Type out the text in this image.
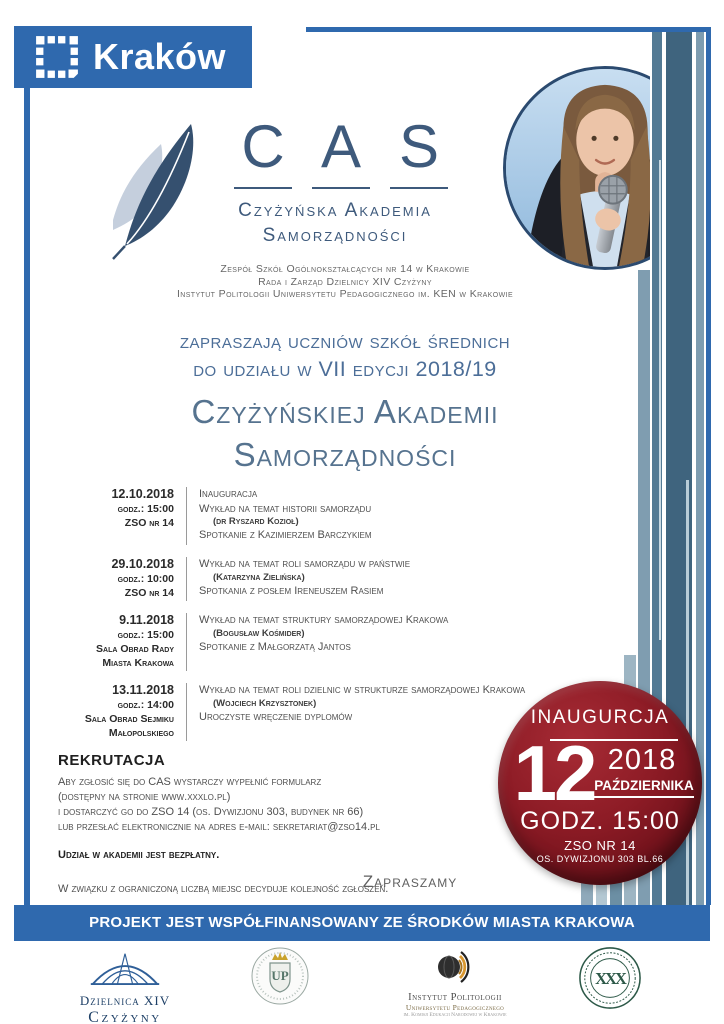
Kraków
C A S
Czyżyńska Akademia
Samorządności
Zespół Szkół Ogólnokształcących nr 14 w Krakowie
Rada i Zarząd Dzielnicy XIV Czyżyny
Instytut Politologii Uniwersytetu Pedagogicznego im. KEN w Krakowie
zapraszają uczniów szkół średnich
do udziału w VII edycji 2018/19
Czyżyńskiej Akademii
Samorządności
12.10.2018
godz.: 15:00
ZSO nr 14
Inauguracja
Wykład na temat historii samorządu
(dr Ryszard Kozioł)
Spotkanie z Kazimierzem Barczykiem
29.10.2018
godz.: 10:00
ZSO nr 14
Wykład na temat roli samorządu w państwie
(Katarzyna Zielińska)
Spotkania z posłem Ireneuszem Rasiem
9.11.2018
godz.: 15:00
Sala Obrad Rady
Miasta Krakowa
Wykład na temat struktury samorządowej Krakowa
(Bogusław Kośmider)
Spotkanie z Małgorzatą Jantos
13.11.2018
godz.: 14:00
Sala Obrad Sejmiku
Małopolskiego
Wykład na temat roli dzielnic w strukturze samorządowej Krakowa
(Wojciech Krzysztonek)
Uroczyste wręczenie dyplomów
REKRUTACJA
Aby zgłosić się do CAS wystarczy wypełnić formularz
(dostępny na stronie www.xxxlo.pl)
i dostarczyć go do ZSO 14 (os. Dywizjonu 303, budynek nr 66)
lub przesłać elektronicznie na adres e-mail: sekretariat@zso14.pl
Udział w akademii jest bezpłatny.
W związku z ograniczoną liczbą miejsc decyduje kolejność zgłoszeń.
Zapraszamy
INAUGURCJA
12 2018
PAŹDZIERNIKA
GODZ. 15:00
ZSO NR 14
OS. DYWIZJONU 303 BL.66
PROJEKT JEST WSPÓŁFINANSOWANY ZE ŚRODKÓW MIASTA KRAKOWA
Dzielnica XIV
Czyżyny
UP
Instytut Politologii
Uniwersytetu Pedagogicznego
im. Komisji Edukacji Narodowej w Krakowie
XXX
